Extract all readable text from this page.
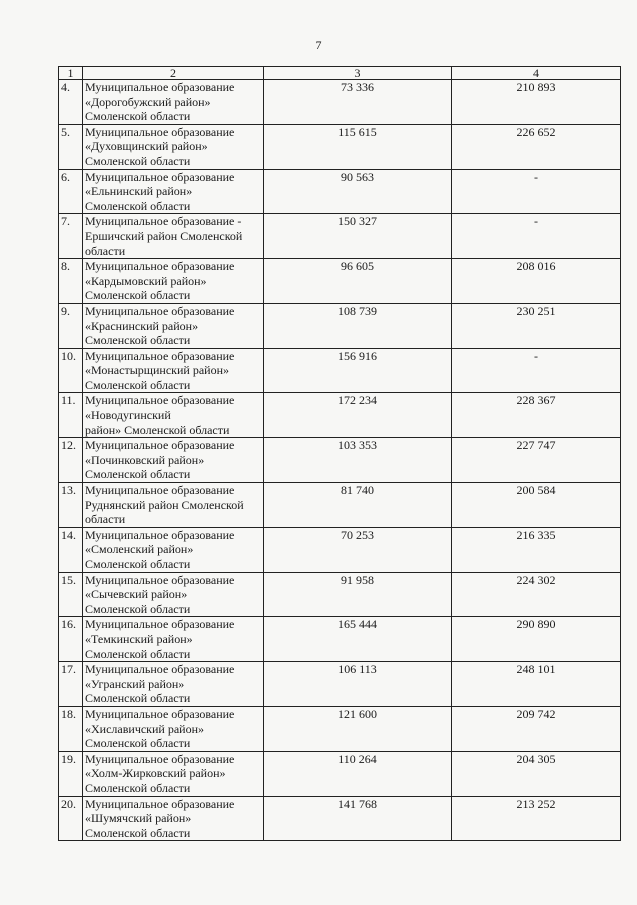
7
1	2	3	4
4.	Муниципальное образование
«Дорогобужский район»
Смоленской области	73 336	210 893
5.	Муниципальное образование
«Духовщинский район»
Смоленской области	115 615	226 652
6.	Муниципальное образование
«Ельнинский район»
Смоленской области	90 563	-
7.	Муниципальное образование -
Ершичский район Смоленской
области	150 327	-
8.	Муниципальное образование
«Кардымовский район»
Смоленской области	96 605	208 016
9.	Муниципальное образование
«Краснинский район»
Смоленской области	108 739	230 251
10.	Муниципальное образование
«Монастырщинский район»
Смоленской области	156 916	-
11.	Муниципальное образование
«Новодугинский
район» Смоленской области	172 234	228 367
12.	Муниципальное образование
«Починковский район»
Смоленской области	103 353	227 747
13.	Муниципальное образование
Руднянский район Смоленской
области	81 740	200 584
14.	Муниципальное образование
«Смоленский район»
Смоленской области	70 253	216 335
15.	Муниципальное образование
«Сычевский район»
Смоленской области	91 958	224 302
16.	Муниципальное образование
«Темкинский район»
Смоленской области	165 444	290 890
17.	Муниципальное образование
«Угранский район»
Смоленской области	106 113	248 101
18.	Муниципальное образование
«Хиславичский район»
Смоленской области	121 600	209 742
19.	Муниципальное образование
«Холм-Жирковский район»
Смоленской области	110 264	204 305
20.	Муниципальное образование
«Шумячский район»
Смоленской области	141 768	213 252
